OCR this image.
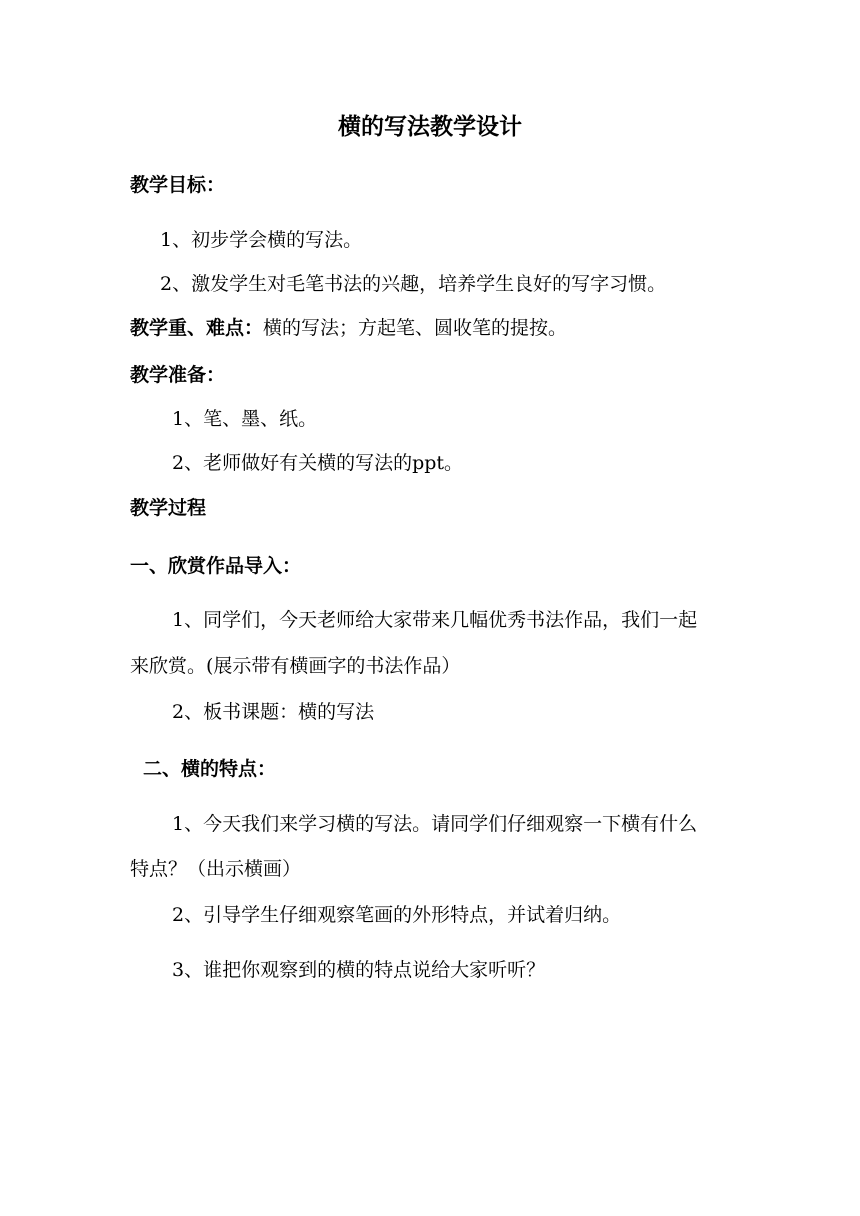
横的写法教学设计
教学目标：
1、初步学会横的写法。
2、激发学生对毛笔书法的兴趣，培养学生良好的写字习惯。
教学重、难点：横的写法；方起笔、圆收笔的提按。
教学准备：
1、笔、墨、纸。
2、老师做好有关横的写法的ppt。
教学过程
一、欣赏作品导入：
1、同学们，今天老师给大家带来几幅优秀书法作品，我们一起
来欣赏。(展示带有横画字的书法作品）
2、板书课题：横的写法
二、横的特点：
1、今天我们来学习横的写法。请同学们仔细观察一下横有什么
特点？（出示横画）
2、引导学生仔细观察笔画的外形特点，并试着归纳。
3、谁把你观察到的横的特点说给大家听听？
